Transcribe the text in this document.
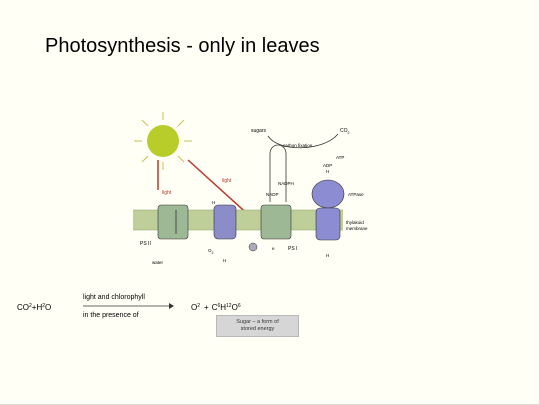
Photosynthesis - only in leaves
light
light
sugars	$CO_2$
carbon fixation
ATP
ADP
H
NADPH
NADP
PS II
H
PS I
ATPase
thylakoid
membrane
water
$O_2$
H
e
H
$CO^2+H^2O$
light and chlorophyll
in the presence of
$O^2 + C^6H^{12}O^6$
Sugar – a form of
stored energy
